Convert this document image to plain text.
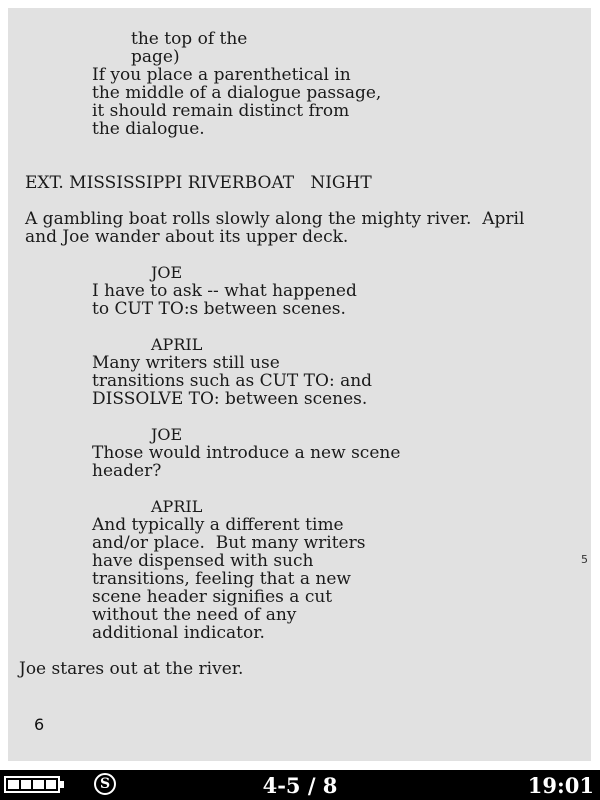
the top of the
page)
If you place a parenthetical in
the middle of a dialogue passage,
it should remain distinct from
the dialogue.
EXT. MISSISSIPPI RIVERBOAT   NIGHT
A gambling boat rolls slowly along the mighty river.  April
and Joe wander about its upper deck.
JOE
I have to ask -- what happened
to CUT TO:s between scenes.
APRIL
Many writers still use
transitions such as CUT TO: and
DISSOLVE TO: between scenes.
JOE
Those would introduce a new scene
header?
APRIL
And typically a different time
and/or place.  But many writers
have dispensed with such
transitions, feeling that a new
scene header signifies a cut
without the need of any
additional indicator.
Joe stares out at the river.
5
6
S	4-5 / 8	19:01
